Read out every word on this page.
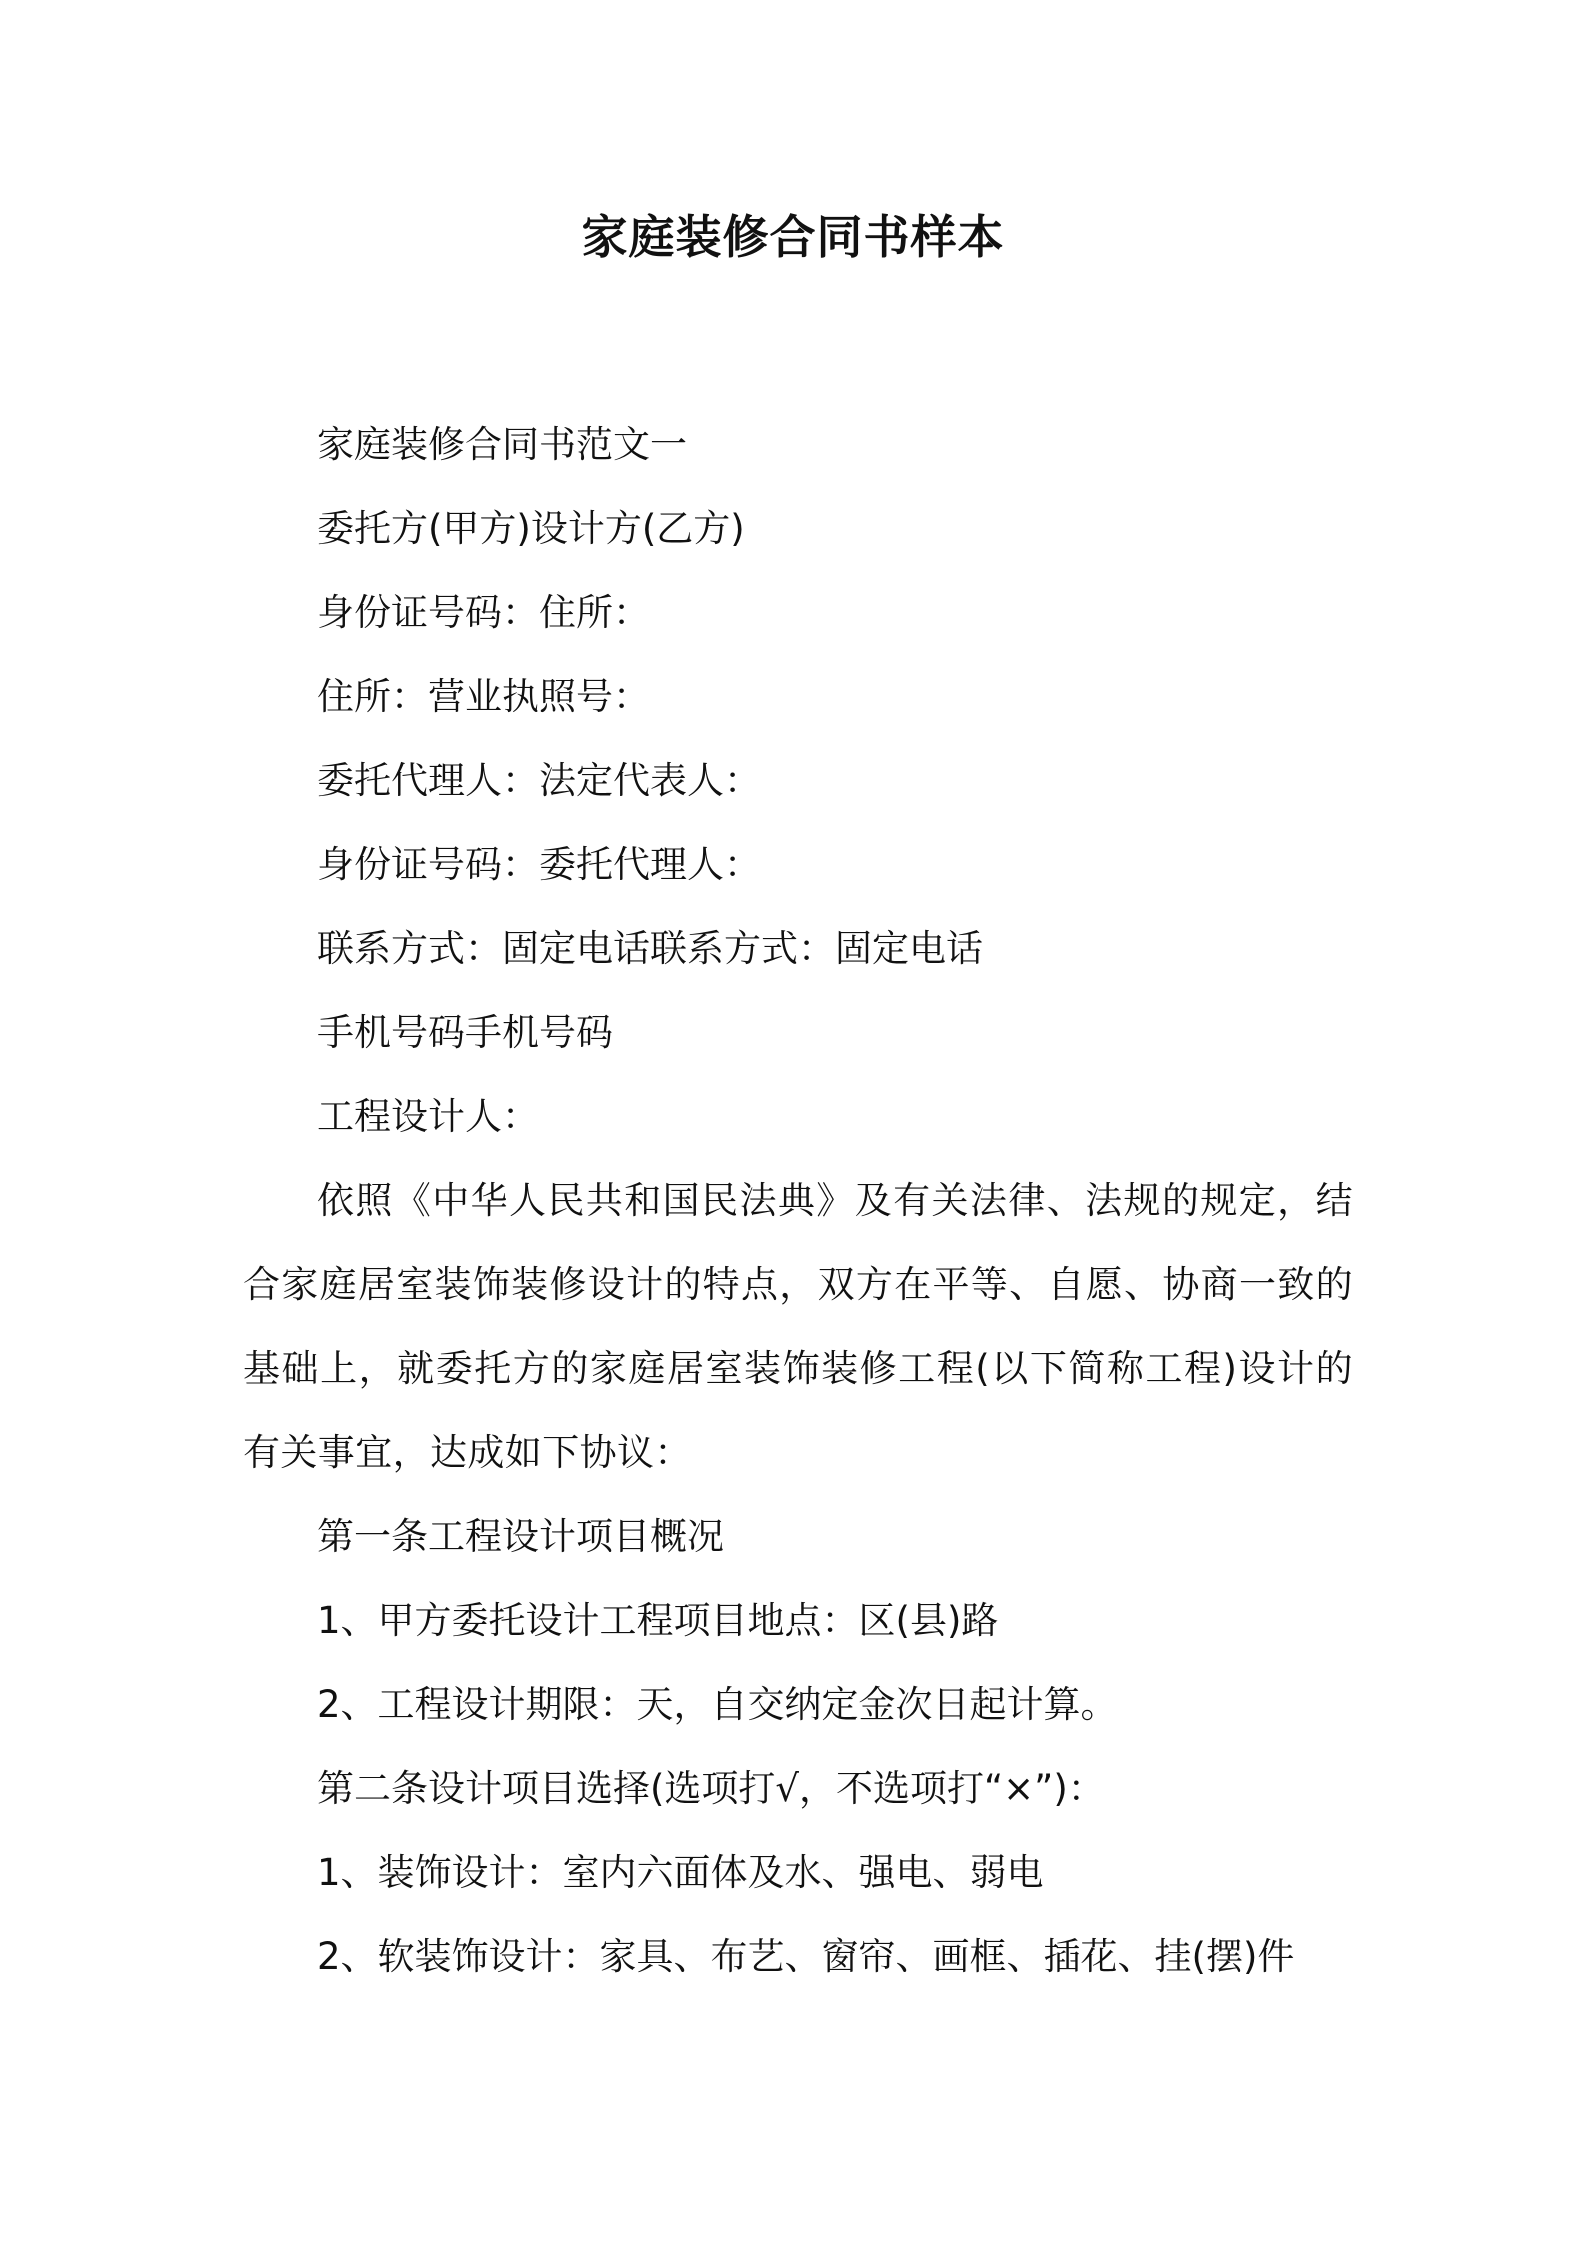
家庭装修合同书样本
家庭装修合同书范文一
委托方(甲方)设计方(乙方)
身份证号码：住所：
住所：营业执照号：
委托代理人：法定代表人：
身份证号码：委托代理人：
联系方式：固定电话联系方式：固定电话
手机号码手机号码
工程设计人：
依照《中华人民共和国民法典》及有关法律、法规的规定，结合家庭居室装饰装修设计的特点，双方在平等、自愿、协商一致的基础上，就委托方的家庭居室装饰装修工程(以下简称工程)设计的有关事宜，达成如下协议：
第一条工程设计项目概况
1、甲方委托设计工程项目地点：区(县)路
2、工程设计期限：天，自交纳定金次日起计算。
第二条设计项目选择(选项打√，不选项打“×”)：
1、装饰设计：室内六面体及水、强电、弱电
2、软装饰设计：家具、布艺、窗帘、画框、插花、挂(摆)件
